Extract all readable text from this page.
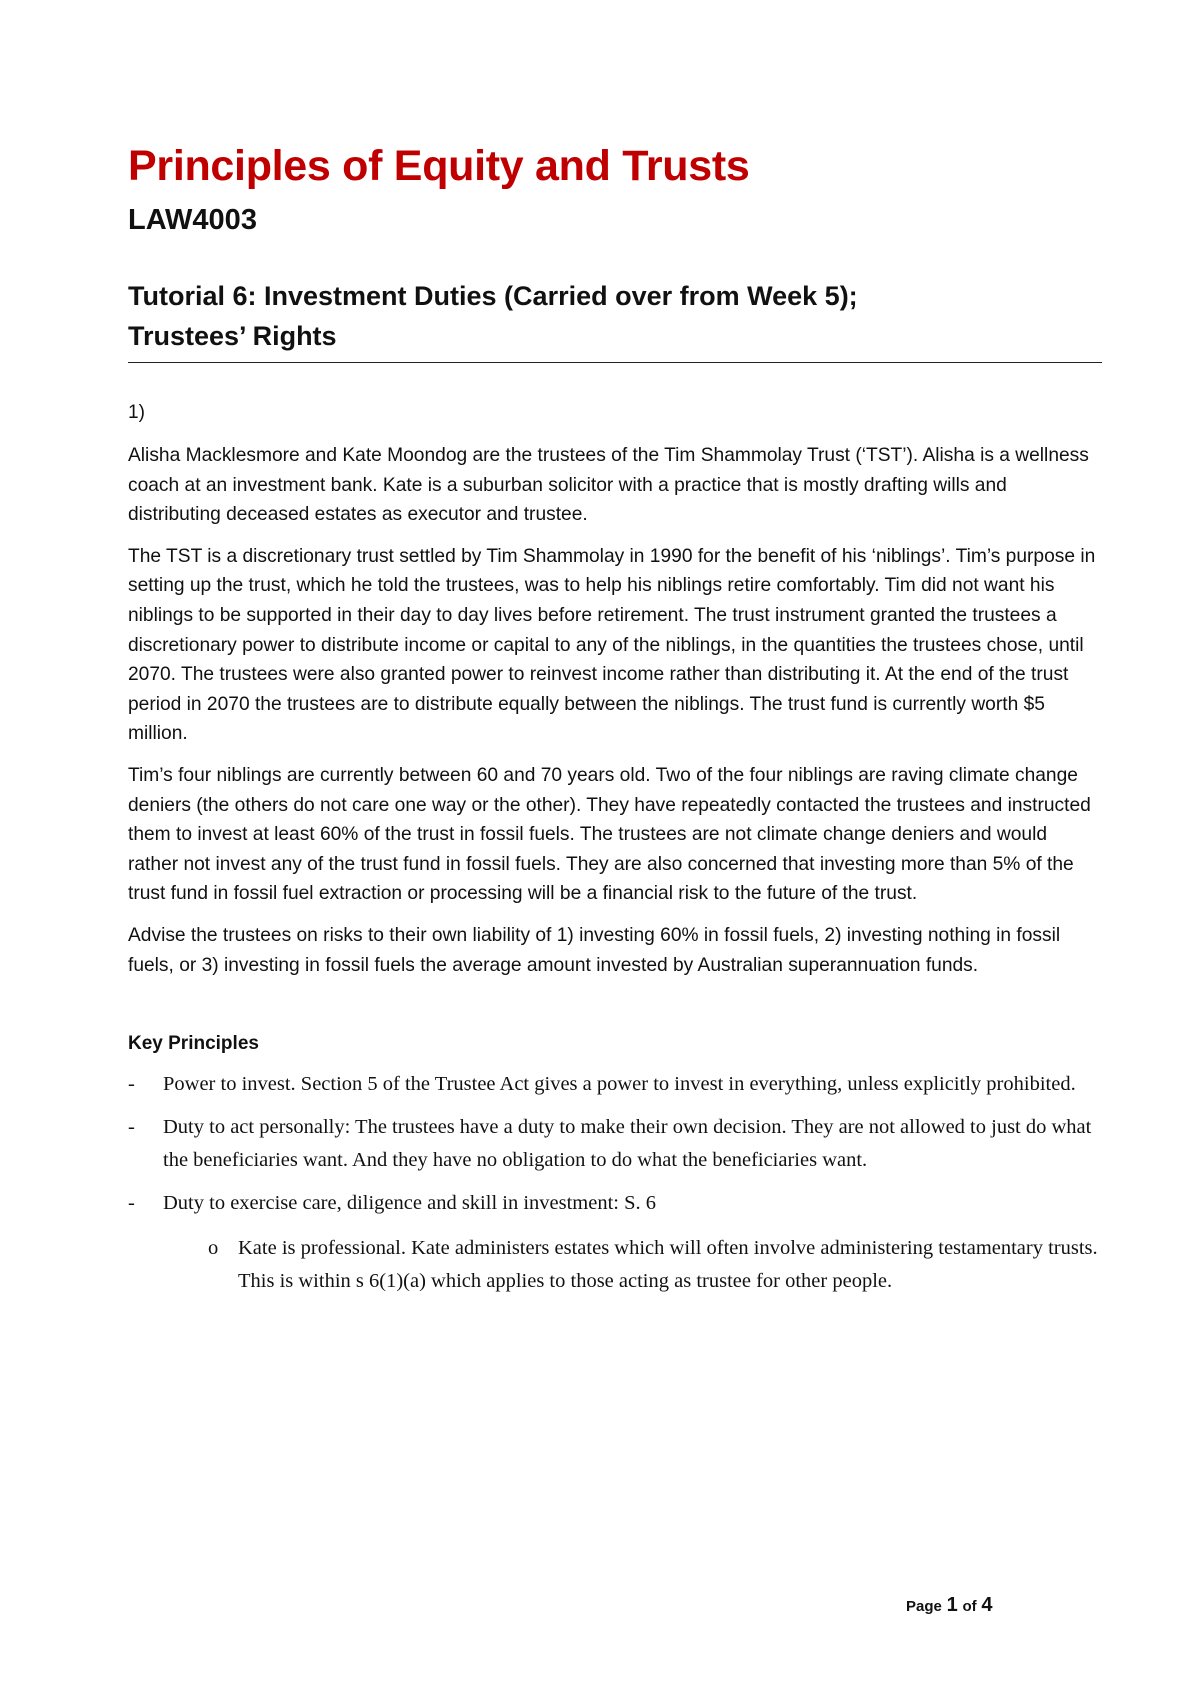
Principles of Equity and Trusts
LAW4003
Tutorial 6: Investment Duties (Carried over from Week 5);
Trustees’ Rights
1)

Alisha Macklesmore and Kate Moondog are the trustees of the Tim Shammolay Trust (‘TST’). Alisha is a wellness coach at an investment bank. Kate is a suburban solicitor with a practice that is mostly drafting wills and distributing deceased estates as executor and trustee.

The TST is a discretionary trust settled by Tim Shammolay in 1990 for the benefit of his ‘niblings’. Tim’s purpose in setting up the trust, which he told the trustees, was to help his niblings retire comfortably. Tim did not want his niblings to be supported in their day to day lives before retirement. The trust instrument granted the trustees a discretionary power to distribute income or capital to any of the niblings, in the quantities the trustees chose, until 2070. The trustees were also granted power to reinvest income rather than distributing it. At the end of the trust period in 2070 the trustees are to distribute equally between the niblings. The trust fund is currently worth $5 million.

Tim’s four niblings are currently between 60 and 70 years old. Two of the four niblings are raving climate change deniers (the others do not care one way or the other). They have repeatedly contacted the trustees and instructed them to invest at least 60% of the trust in fossil fuels. The trustees are not climate change deniers and would rather not invest any of the trust fund in fossil fuels. They are also concerned that investing more than 5% of the trust fund in fossil fuel extraction or processing will be a financial risk to the future of the trust.

Advise the trustees on risks to their own liability of 1) investing 60% in fossil fuels, 2) investing nothing in fossil fuels, or 3) investing in fossil fuels the average amount invested by Australian superannuation funds.

Key Principles
-	Power to invest. Section 5 of the Trustee Act gives a power to invest in everything, unless explicitly prohibited.
-	Duty to act personally: The trustees have a duty to make their own decision. They are not allowed to just do what the beneficiaries want. And they have no obligation to do what the beneficiaries want.
-	Duty to exercise care, diligence and skill in investment: S. 6
o Kate is professional. Kate administers estates which will often involve administering testamentary trusts. This is within s 6(1)(a) which applies to those acting as trustee for other people.
Page 1 of 4
